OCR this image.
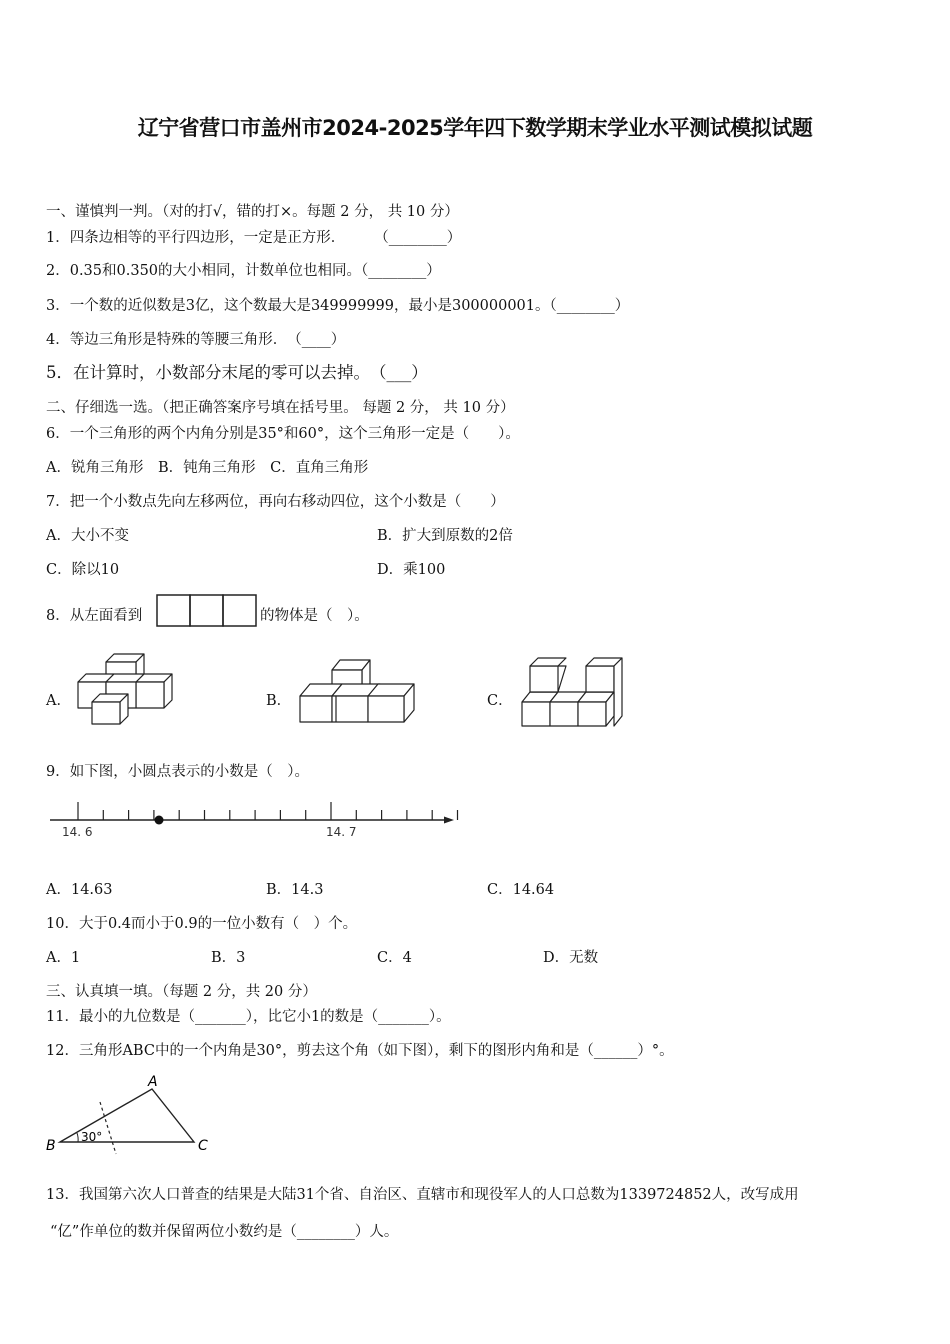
辽宁省营口市盖州市2024-2025学年四下数学期末学业水平测试模拟试题
一、谨慎判一判。（对的打√，错的打×。每题 2 分， 共 10 分）
1．四条边相等的平行四边形，一定是正方形．　　　（________）
2．0.35和0.350的大小相同，计数单位也相同。（________）
3．一个数的近似数是3亿，这个数最大是349999999，最小是300000001。（________）
4．等边三角形是特殊的等腰三角形．　（____）
5．在计算时，小数部分末尾的零可以去掉。　（___）
二、仔细选一选。（把正确答案序号填在括号里。 每题 2 分， 共 10 分）
6．一个三角形的两个内角分别是35°和60°，这个三角形一定是（　　）。
A．锐角三角形　B．钝角三角形　C．直角三角形
7．把一个小数点先向左移两位，再向右移动四位，这个小数是（　　）
A．大小不变	B．扩大到原数的2倍
C．除以10	D．乘100
8．从左面看到	的物体是（　）。
A．	B．	C．
9．如下图，小圆点表示的小数是（　）。
14. 6	14. 7
A．14.63	B．14.3	C．14.64
10．大于0.4而小于0.9的一位小数有（　）个。
A．1	B．3	C．4	D．无数
三、认真填一填。（每题 2 分，共 20 分）
11．最小的九位数是（_______），比它小1的数是（_______）。
12．三角形ABC中的一个内角是30°，剪去这个角（如下图），剩下的图形内角和是（______）°。
A
B	C
30°
13．我国第六次人口普查的结果是大陆31个省、自治区、直辖市和现役军人的人口总数为1339724852人，改写成用
“亿”作单位的数并保留两位小数约是（________）人。
